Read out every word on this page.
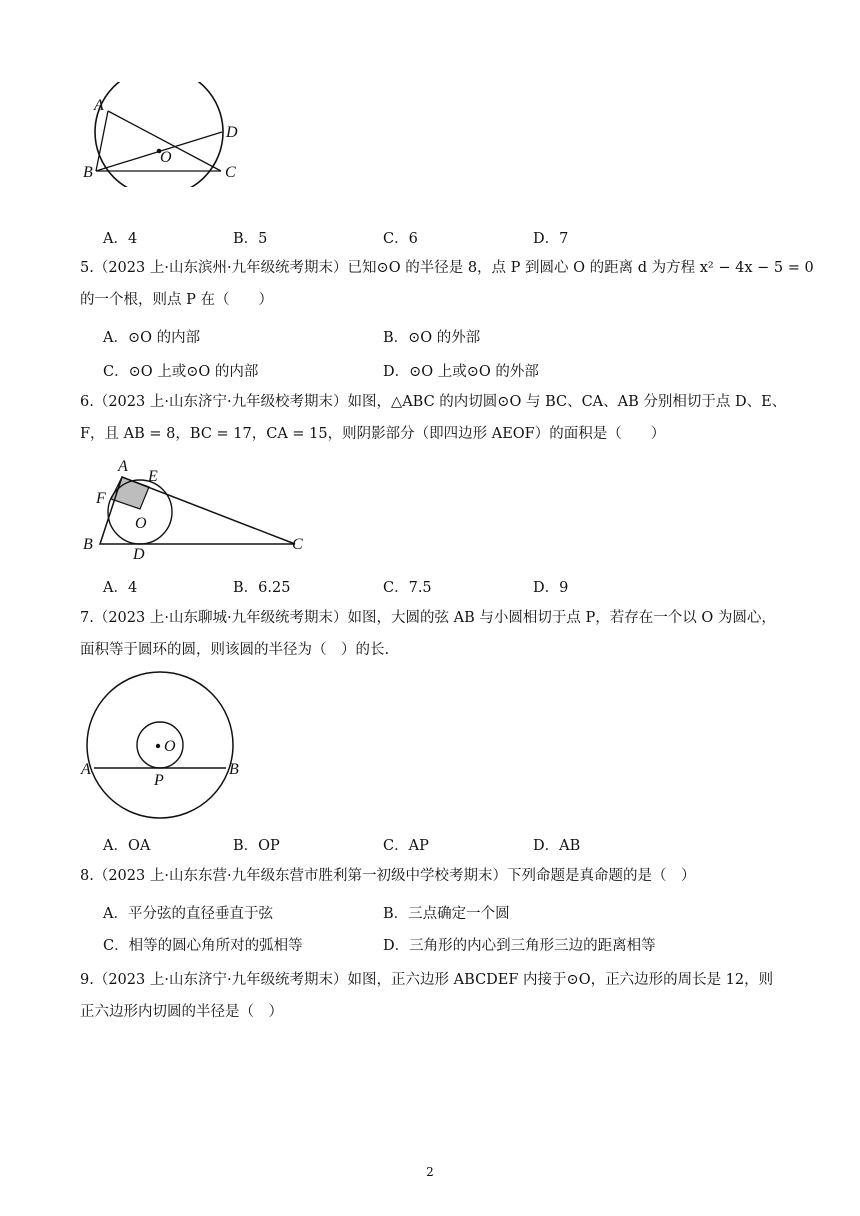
A
B	C
D
O
A．4	B．5	C．6	D．7
5.（2023 上·山东滨州·九年级统考期末）已知⊙O 的半径是 8，点 P 到圆心 O 的距离 d 为方程 x² − 4x − 5 = 0
的一个根，则点 P 在（　　）
A．⊙O 的内部	B．⊙O 的外部
C．⊙O 上或⊙O 的内部	D．⊙O 上或⊙O 的外部
6.（2023 上·山东济宁·九年级校考期末）如图，△ABC 的内切圆⊙O 与 BC、CA、AB 分别相切于点 D、E、
F，且 AB = 8，BC = 17，CA = 15，则阴影部分（即四边形 AEOF）的面积是（　　）
A
E
F
O
B
D
C
A．4	B．6.25	C．7.5	D．9
7.（2023 上·山东聊城·九年级统考期末）如图，大圆的弦 AB 与小圆相切于点 P，若存在一个以 O 为圆心，
面积等于圆环的圆，则该圆的半径为（　）的长.
O
A	B
P
A．OA	B．OP	C．AP	D．AB
8.（2023 上·山东东营·九年级东营市胜利第一初级中学校考期末）下列命题是真命题的是（　）
A．平分弦的直径垂直于弦	B．三点确定一个圆
C．相等的圆心角所对的弧相等	D．三角形的内心到三角形三边的距离相等
9.（2023 上·山东济宁·九年级统考期末）如图，正六边形 ABCDEF 内接于⊙O，正六边形的周长是 12，则
正六边形内切圆的半径是（　）
2
